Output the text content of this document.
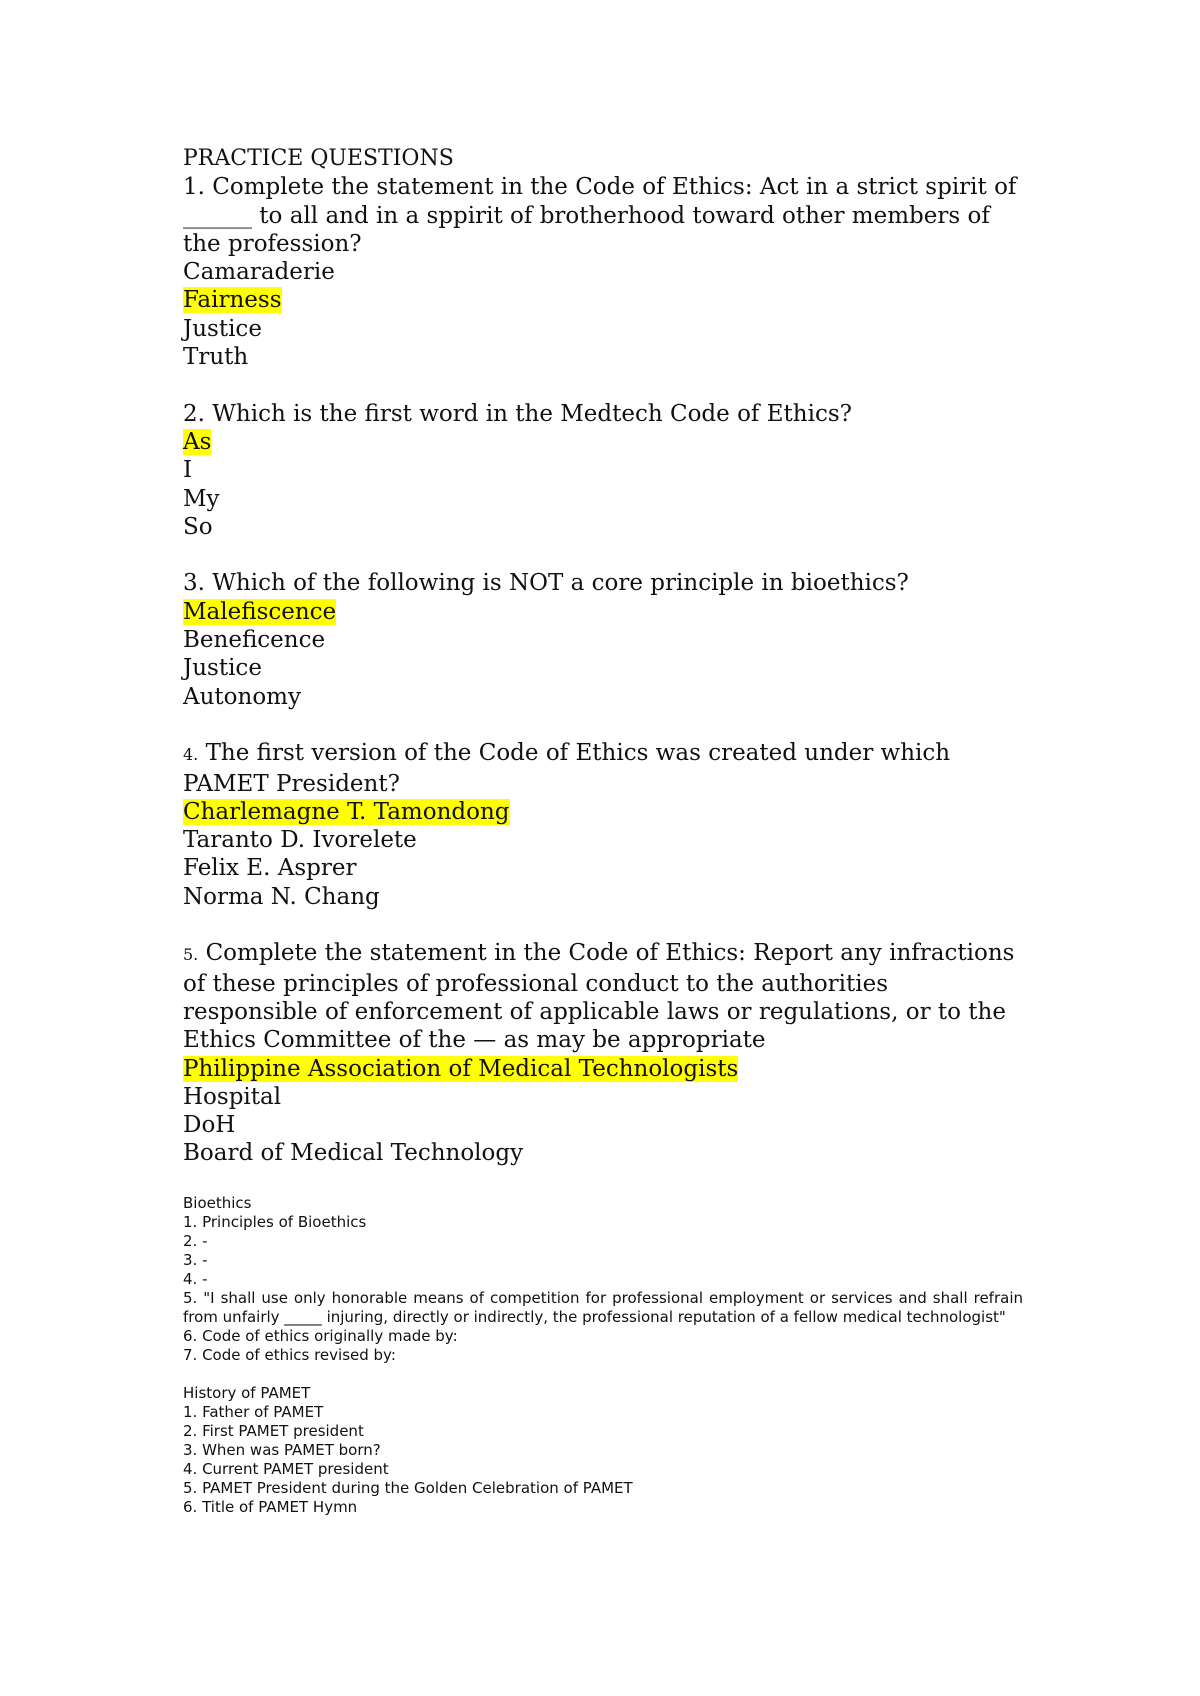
PRACTICE QUESTIONS
1. Complete the statement in the Code of Ethics: Act in a strict spirit of ______ to all and in a sppirit of brotherhood toward other members of the profession?
Camaraderie
Fairness
Justice
Truth
2. Which is the first word in the Medtech Code of Ethics?
As
I
My
So
3. Which of the following is NOT a core principle in bioethics?
Malefiscence
Beneficence
Justice
Autonomy
4. The first version of the Code of Ethics was created under which PAMET President?
Charlemagne T. Tamondong
Taranto D. Ivorelete
Felix E. Asprer
Norma N. Chang
5. Complete the statement in the Code of Ethics: Report any infractions of these principles of professional conduct to the authorities responsible of enforcement of applicable laws or regulations, or to the Ethics Committee of the — as may be appropriate
Philippine Association of Medical Technologists
Hospital
DoH
Board of Medical Technology
Bioethics
1. Principles of Bioethics
2. -
3. -
4. -
5. "I shall use only honorable means of competition for professional employment or services and shall refrain from unfairly _____ injuring, directly or indirectly, the professional reputation of a fellow medical technologist"
6. Code of ethics originally made by:
7. Code of ethics revised by:
History of PAMET
1. Father of PAMET
2. First PAMET president
3. When was PAMET born?
4. Current PAMET president
5. PAMET President during the Golden Celebration of PAMET
6. Title of PAMET Hymn
